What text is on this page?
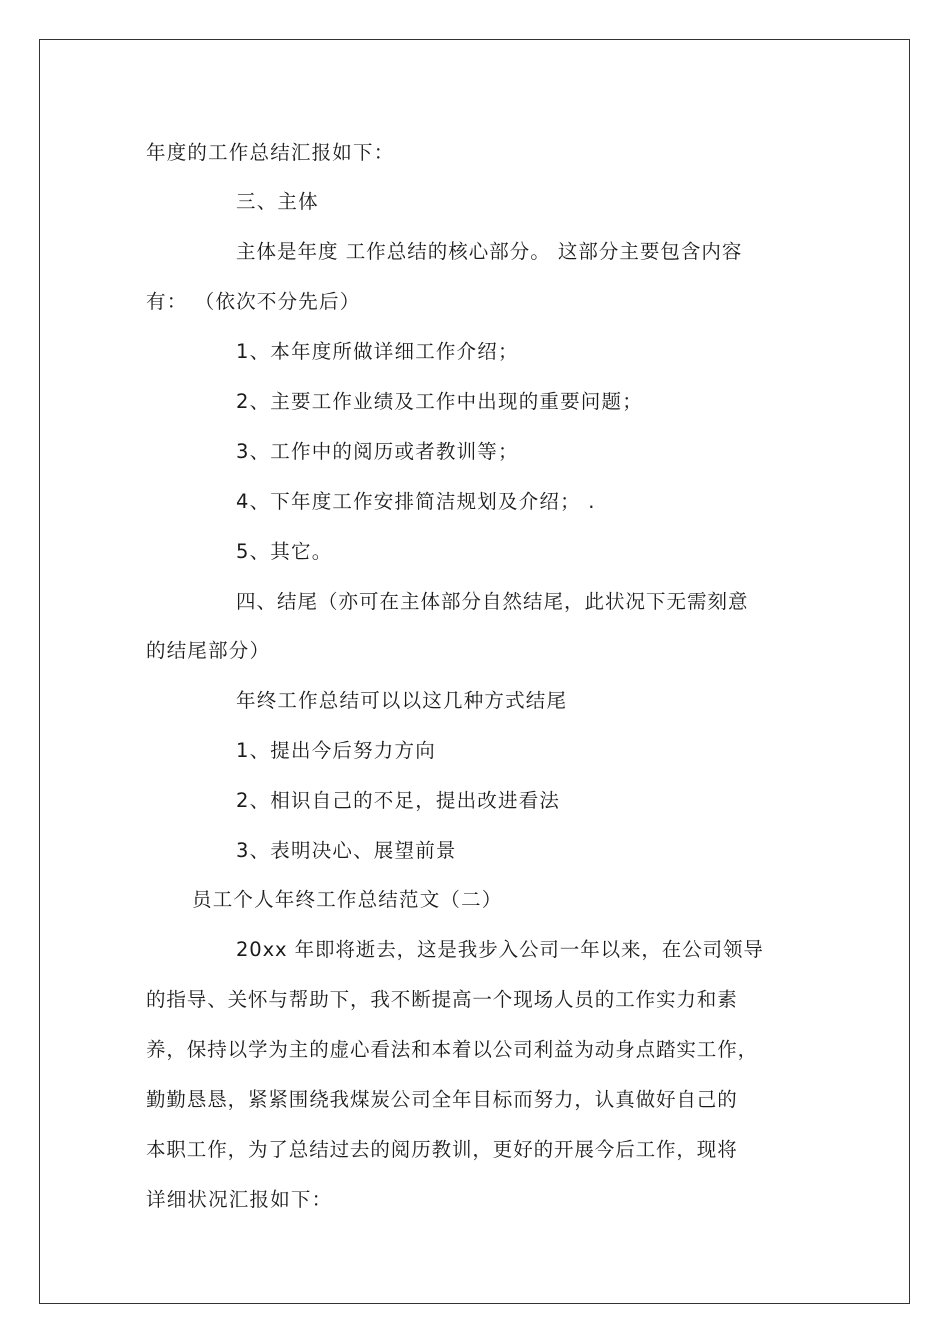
年度的工作总结汇报如下：
三、主体
主体是年度 工作总结的核心部分。 这部分主要包含内容
有： （依次不分先后）
1、本年度所做详细工作介绍；
2、主要工作业绩及工作中出现的重要问题；
3、工作中的阅历或者教训等；
4、下年度工作安排简洁规划及介绍； .
5、其它。
四、结尾（亦可在主体部分自然结尾，此状况下无需刻意
的结尾部分）
年终工作总结可以以这几种方式结尾
1、提出今后努力方向
2、相识自己的不足，提出改进看法
3、表明决心、展望前景
员工个人年终工作总结范文（二）
20xx 年即将逝去，这是我步入公司一年以来，在公司领导
的指导、关怀与帮助下，我不断提高一个现场人员的工作实力和素
养，保持以学为主的虚心看法和本着以公司利益为动身点踏实工作，
勤勤恳恳，紧紧围绕我煤炭公司全年目标而努力，认真做好自己的
本职工作，为了总结过去的阅历教训，更好的开展今后工作，现将
详细状况汇报如下：
